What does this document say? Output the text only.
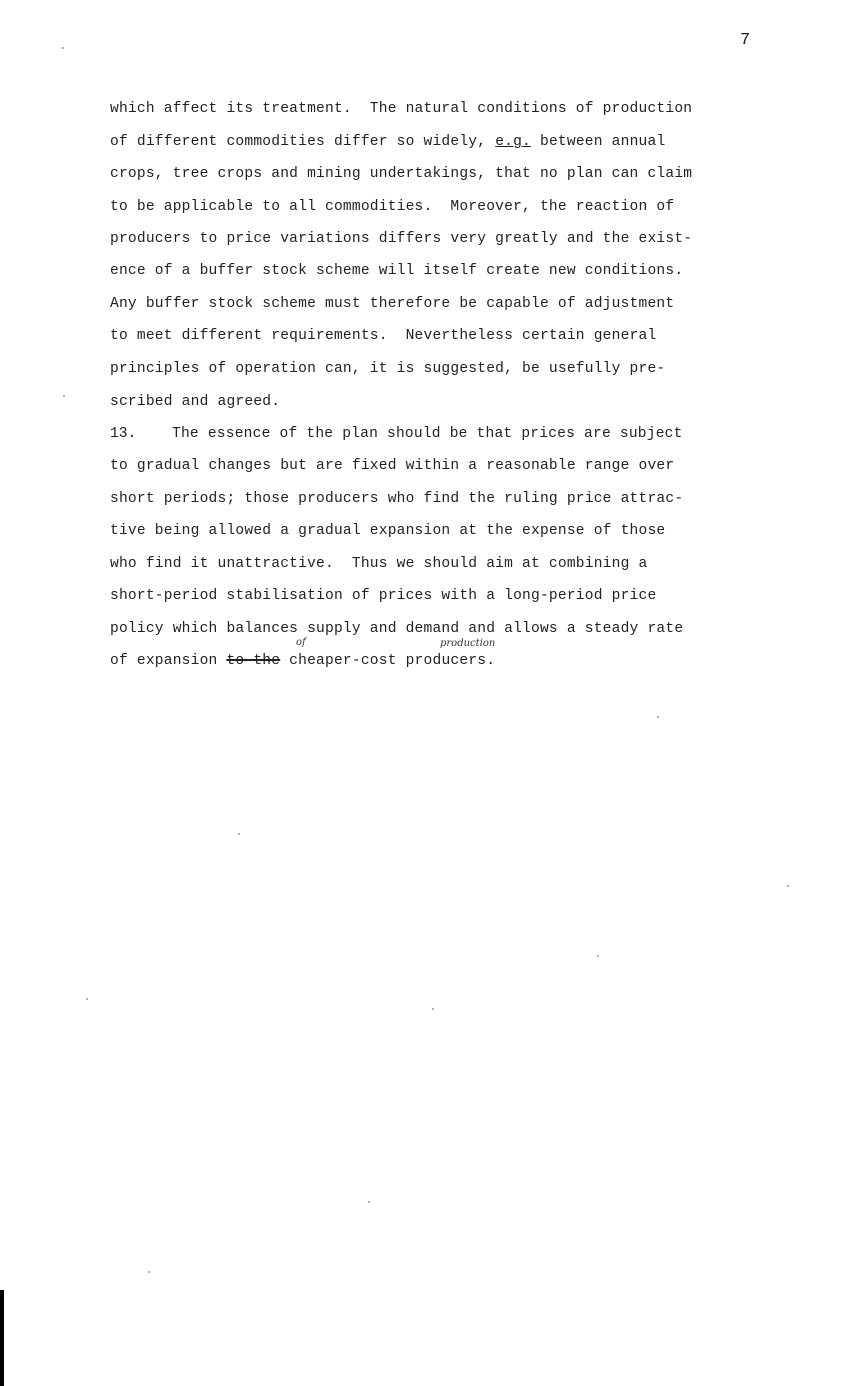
7
which affect its treatment.  The natural conditions of production
of different commodities differ so widely, e.g. between annual
crops, tree crops and mining undertakings, that no plan can claim
to be applicable to all commodities.  Moreover, the reaction of
producers to price variations differs very greatly and the exist-
ence of a buffer stock scheme will itself create new conditions.
Any buffer stock scheme must therefore be capable of adjustment
to meet different requirements.  Nevertheless certain general
principles of operation can, it is suggested, be usefully pre-
scribed and agreed.
13. The essence of the plan should be that prices are subject
to gradual changes but are fixed within a reasonable range over
short periods; those producers who find the ruling price attrac-
tive being allowed a gradual expansion at the expense of those
who find it unattractive.  Thus we should aim at combining a
short-period stabilisation of prices with a long-period price
policy which balances supply and demand and allows a steady rate
of expansion to the cheaper-cost producers.
of	production
